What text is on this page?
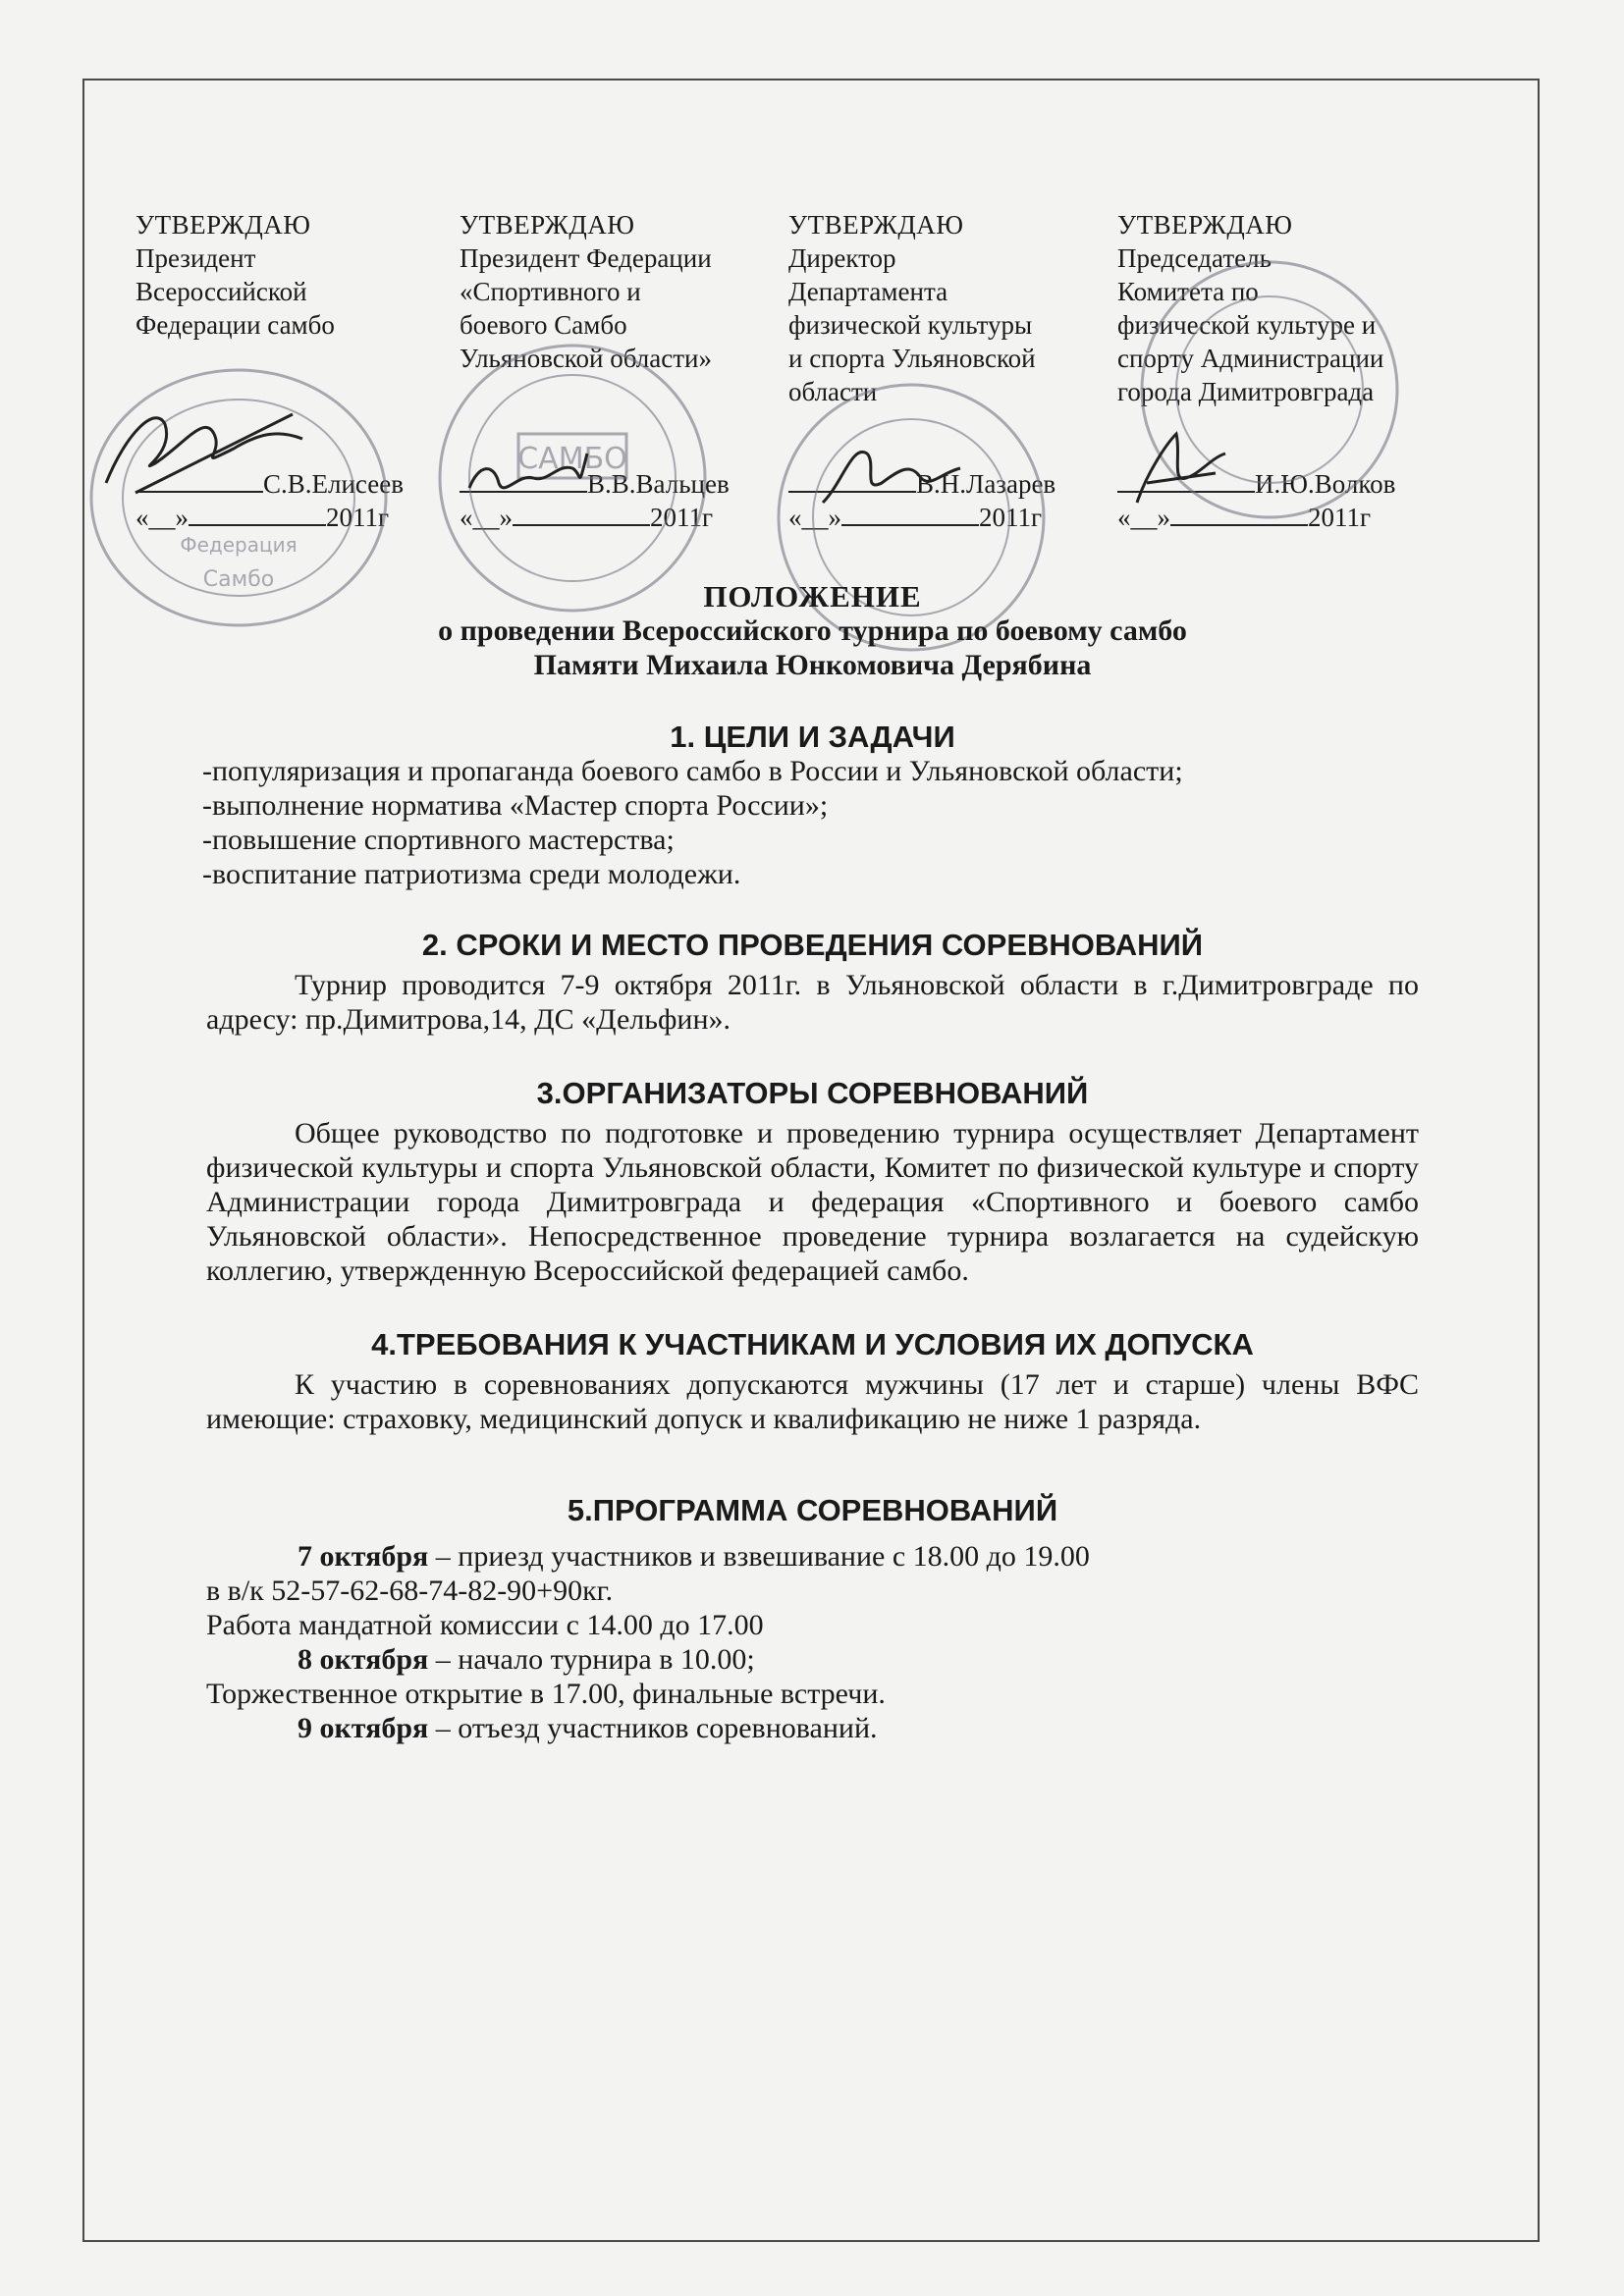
УТВЕРЖДАЮ
Президент
Всероссийской
Федерации самбо
С.В.Елисеев
«__»	2011г
УТВЕРЖДАЮ
Президент Федерации
«Спортивного и
боевого Самбо
Ульяновской области»
В.В.Вальцев
«__»	2011г
УТВЕРЖДАЮ
Директор
Департамента
физической культуры
и спорта Ульяновской
области
В.Н.Лазарев
«__»	2011г
УТВЕРЖДАЮ
Председатель
Комитета по
физической культуре и
спорту Администрации
города Димитровграда
И.Ю.Волков
«__»	2011г
Самбо
Федерация
САМБО
ПОЛОЖЕНИЕ
о проведении Всероссийского турнира по боевому самбо
Памяти Михаила Юнкомовича Дерябина
1. ЦЕЛИ И ЗАДАЧИ

-популяризация и пропаганда боевого самбо в России и Ульяновской области;

-выполнение норматива «Мастер спорта России»;

-повышение спортивного мастерства;

-воспитание патриотизма среди молодежи.

2. СРОКИ И МЕСТО ПРОВЕДЕНИЯ СОРЕВНОВАНИЙ

Турнир проводится 7-9 октября 2011г. в Ульяновской области в г.Димитровграде по адресу: пр.Димитрова,14, ДС «Дельфин».

3.ОРГАНИЗАТОРЫ СОРЕВНОВАНИЙ

Общее руководство по подготовке и проведению турнира осуществляет Департамент физической культуры и спорта Ульяновской области, Комитет по физической культуре и спорту Администрации города Димитровграда и федерация «Спортивного и боевого самбо Ульяновской области». Непосредственное проведение турнира возлагается на судейскую коллегию, утвержденную Всероссийской федерацией самбо.

4.ТРЕБОВАНИЯ К УЧАСТНИКАМ И УСЛОВИЯ ИХ ДОПУСКА

К участию в соревнованиях допускаются мужчины (17 лет и старше) члены ВФС имеющие: страховку, медицинский допуск и квалификацию не ниже 1 разряда.

5.ПРОГРАММА СОРЕВНОВАНИЙ

7 октября – приезд участников и взвешивание с 18.00 до 19.00

в в/к 52-57-62-68-74-82-90+90кг.

Работа мандатной комиссии с 14.00 до 17.00

8 октября – начало турнира в 10.00;

Торжественное открытие в 17.00, финальные встречи.

9 октября – отъезд участников соревнований.
